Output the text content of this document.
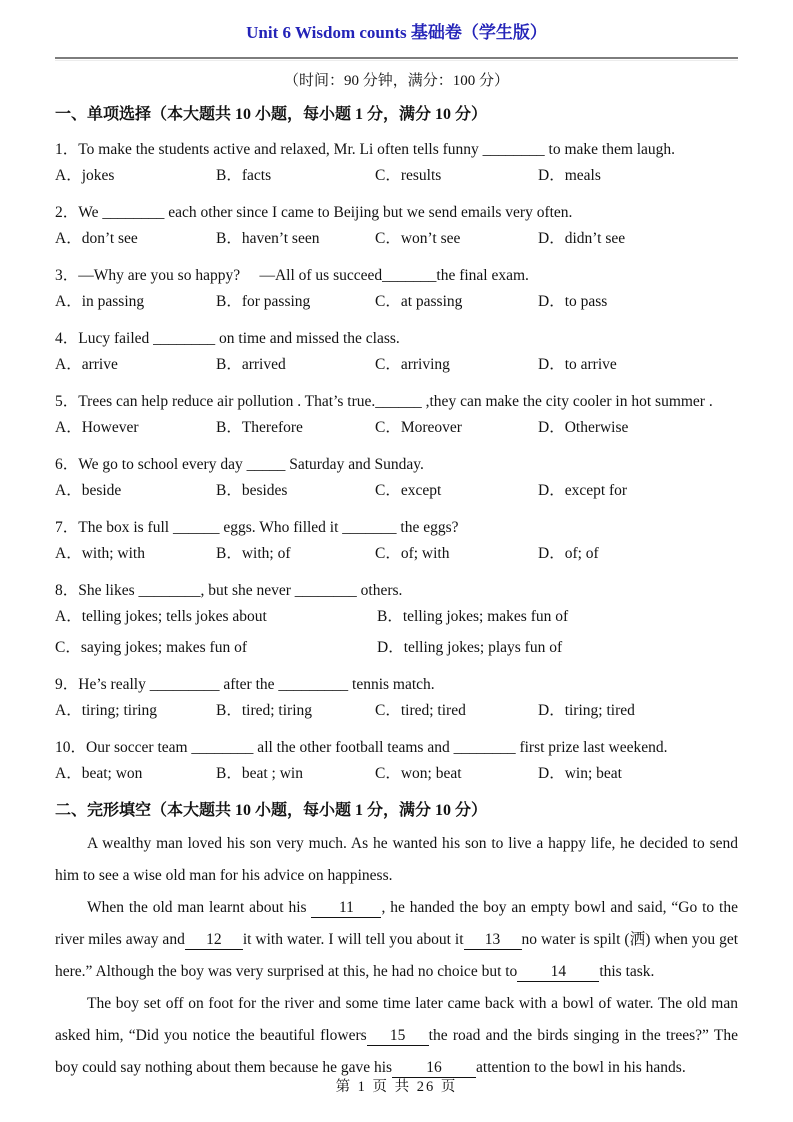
Unit 6 Wisdom counts 基础卷（学生版）
（时间：90 分钟，满分：100 分）
一、单项选择（本大题共 10 小题，每小题 1 分，满分 10 分）
1．To make the students active and relaxed, Mr. Li often tells funny ________ to make them laugh.
A．jokes	B．facts	C．results	D．meals
2．We ________ each other since I came to Beijing but we send emails very often.
A．don’t see	B．haven’t seen	C．won’t see	D．didn’t see
3．—Why are you so happy?　 —All of us succeed_______the final exam.
A．in passing	B．for passing	C．at passing	D．to pass
4．Lucy failed ________ on time and missed the class.
A．arrive	B．arrived	C．arriving	D．to arrive
5．Trees can help reduce air pollution . That’s true.______ ,they can make the city cooler in hot summer .
A．However	B．Therefore	C．Moreover	D．Otherwise
6．We go to school every day _____ Saturday and Sunday.
A．beside	B．besides	C．except	D．except for
7．The box is full ______ eggs. Who filled it _______ the eggs?
A．with; with	B．with; of	C．of; with	D．of; of
8．She likes ________, but she never ________ others.
A．telling jokes; tells jokes about	B．telling jokes; makes fun of
C．saying jokes; makes fun of	D．telling jokes; plays fun of
9．He’s really _________ after the _________ tennis match.
A．tiring; tiring	B．tired; tiring	C．tired; tired	D．tiring; tired
10．Our soccer team ________ all the other football teams and ________ first prize last weekend.
A．beat; won	B．beat ; win	C．won; beat	D．win; beat
二、完形填空（本大题共 10 小题，每小题 1 分，满分 10 分）
A wealthy man loved his son very much. As he wanted his son to live a happy life, he decided to send him to see a wise old man for his advice on happiness.
When the old man learnt about his 11 , he handed the boy an empty bowl and said, “Go to the river miles away and 12 it with water. I will tell you about it 13 no water is spilt (洒) when you get here.” Although the boy was very surprised at this, he had no choice but to 14 this task.
The boy set off on foot for the river and some time later came back with a bowl of water. The old man asked him, “Did you notice the beautiful flowers 15 the road and the birds singing in the trees?” The boy could say nothing about them because he gave his 16 attention to the bowl in his hands.
第 1 页 共 26 页
